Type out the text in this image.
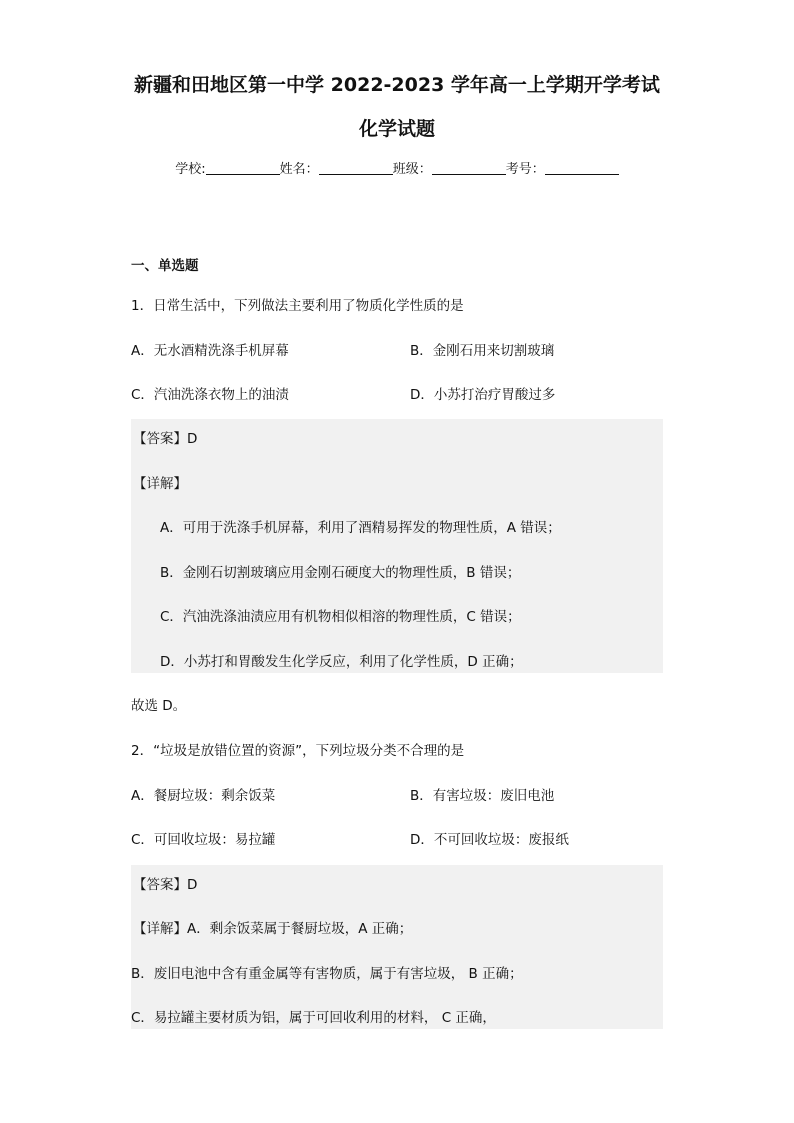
新疆和田地区第一中学 2022-2023 学年高一上学期开学考试
化学试题
学校:	姓名：	班级：	考号：
一、单选题
1．日常生活中，下列做法主要利用了物质化学性质的是
A．无水酒精洗涤手机屏幕	B．金刚石用来切割玻璃
C．汽油洗涤衣物上的油渍	D．小苏打治疗胃酸过多
【答案】D
【详解】
A．可用于洗涤手机屏幕，利用了酒精易挥发的物理性质，A 错误；
B．金刚石切割玻璃应用金刚石硬度大的物理性质，B 错误；
C．汽油洗涤油渍应用有机物相似相溶的物理性质，C 错误；
D．小苏打和胃酸发生化学反应，利用了化学性质，D 正确；
故选 D。
2．“垃圾是放错位置的资源”，下列垃圾分类不合理的是
A．餐厨垃圾：剩余饭菜	B．有害垃圾：废旧电池
C．可回收垃圾：易拉罐	D．不可回收垃圾：废报纸
【答案】D
【详解】A．剩余饭菜属于餐厨垃圾，A 正确；
B．废旧电池中含有重金属等有害物质，属于有害垃圾， B 正确；
C．易拉罐主要材质为铝，属于可回收利用的材料， C 正确，
